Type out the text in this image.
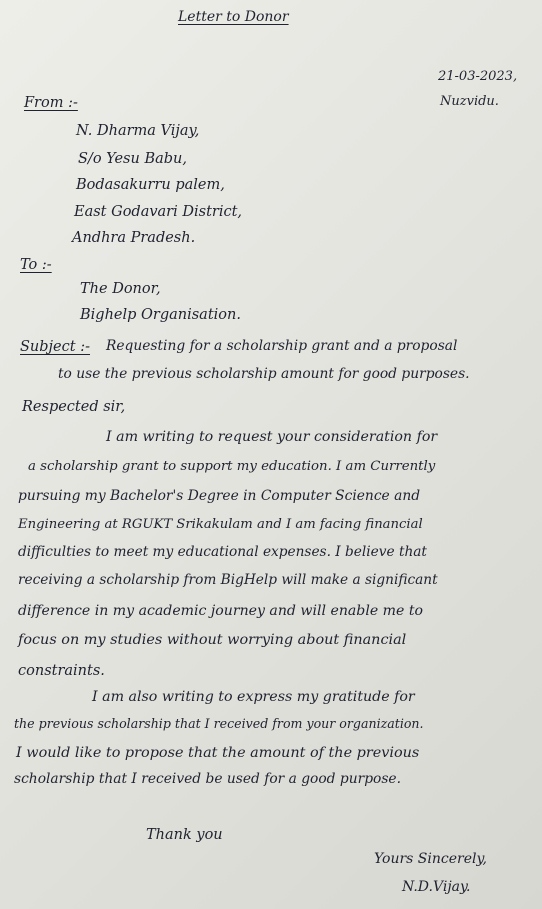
Letter to Donor
21-03-2023,
Nuzvidu.
From :-
N. Dharma Vijay,
S/o Yesu Babu,
Bodasakurru palem,
East Godavari District,
Andhra Pradesh.
To :-
The Donor,
Bighelp Organisation.
Subject :- Requesting for a scholarship grant and a proposal
to use the previous scholarship amount for good purposes.
Respected sir,
I am writing to request your consideration for
a scholarship grant to support my education. I am Currently
pursuing my Bachelor's Degree in Computer Science and
Engineering at RGUKT Srikakulam and I am facing financial
difficulties to meet my educational expenses. I believe that
receiving a scholarship from BigHelp will make a significant
difference in my academic journey and will enable me to
focus on my studies without worrying about financial
constraints.
I am also writing to express my gratitude for
the previous scholarship that I received from your organization.
I would like to propose that the amount of the previous
scholarship that I received be used for a good purpose.
Thank you
Yours Sincerely,
N.D.Vijay.
